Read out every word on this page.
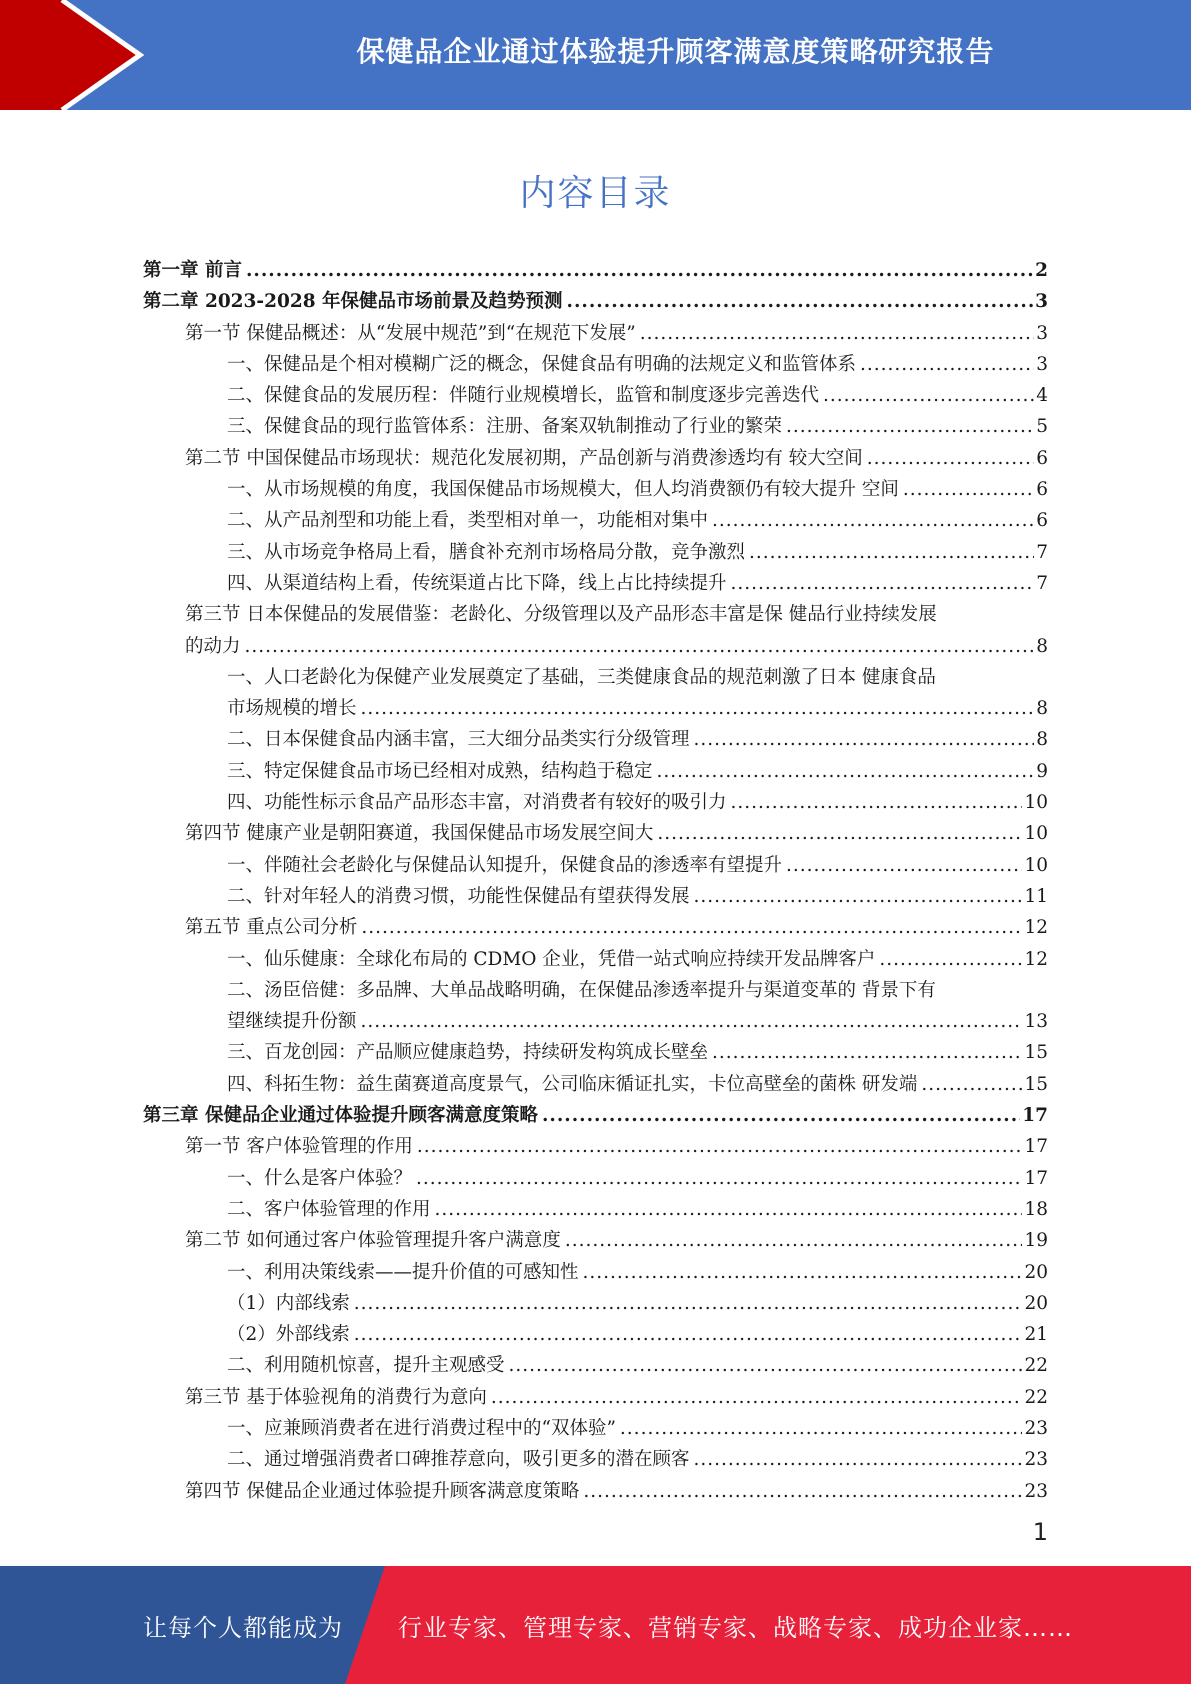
保健品企业通过体验提升顾客满意度策略研究报告
内容目录
第一章 前言 .....	2
第二章 2023-2028 年保健品市场前景及趋势预测 .....	3
第一节 保健品概述：从“发展中规范”到“在规范下发展” .....	3
一、保健品是个相对模糊广泛的概念，保健食品有明确的法规定义和监管体系 .....	3
二、保健食品的发展历程：伴随行业规模增长，监管和制度逐步完善迭代 .....	4
三、保健食品的现行监管体系：注册、备案双轨制推动了行业的繁荣 .....	5
第二节 中国保健品市场现状：规范化发展初期，产品创新与消费渗透均有 较大空间 .....	6
一、从市场规模的角度，我国保健品市场规模大，但人均消费额仍有较大提升 空间 .....	6
二、从产品剂型和功能上看，类型相对单一，功能相对集中 .....	6
三、从市场竞争格局上看，膳食补充剂市场格局分散，竞争激烈 .....	7
四、从渠道结构上看，传统渠道占比下降，线上占比持续提升 .....	7
第三节 日本保健品的发展借鉴：老龄化、分级管理以及产品形态丰富是保 健品行业持续发展
的动力 .....	8
一、人口老龄化为保健产业发展奠定了基础，三类健康食品的规范刺激了日本 健康食品
市场规模的增长 .....	8
二、日本保健食品内涵丰富，三大细分品类实行分级管理 .....	8
三、特定保健食品市场已经相对成熟，结构趋于稳定 .....	9
四、功能性标示食品产品形态丰富，对消费者有较好的吸引力 .....	10
第四节 健康产业是朝阳赛道，我国保健品市场发展空间大 .....	10
一、伴随社会老龄化与保健品认知提升，保健食品的渗透率有望提升 .....	10
二、针对年轻人的消费习惯，功能性保健品有望获得发展 .....	11
第五节 重点公司分析 .....	12
一、仙乐健康：全球化布局的 CDMO 企业，凭借一站式响应持续开发品牌客户 .....	12
二、汤臣倍健：多品牌、大单品战略明确，在保健品渗透率提升与渠道变革的 背景下有
望继续提升份额 .....	13
三、百龙创园：产品顺应健康趋势，持续研发构筑成长壁垒 .....	15
四、科拓生物：益生菌赛道高度景气，公司临床循证扎实，卡位高壁垒的菌株 研发端 .....	15
第三章 保健品企业通过体验提升顾客满意度策略 .....	17
第一节 客户体验管理的作用 .....	17
一、什么是客户体验？ .....	17
二、客户体验管理的作用 .....	18
第二节 如何通过客户体验管理提升客户满意度 .....	19
一、利用决策线索——提升价值的可感知性 .....	20
（1）内部线索 .....	20
（2）外部线索 .....	21
二、利用随机惊喜，提升主观感受 .....	22
第三节 基于体验视角的消费行为意向 .....	22
一、应兼顾消费者在进行消费过程中的“双体验” .....	23
二、通过增强消费者口碑推荐意向，吸引更多的潜在顾客 .....	23
第四节 保健品企业通过体验提升顾客满意度策略 .....	23
1
让每个人都能成为 行业专家、管理专家、营销专家、战略专家、成功企业家……
